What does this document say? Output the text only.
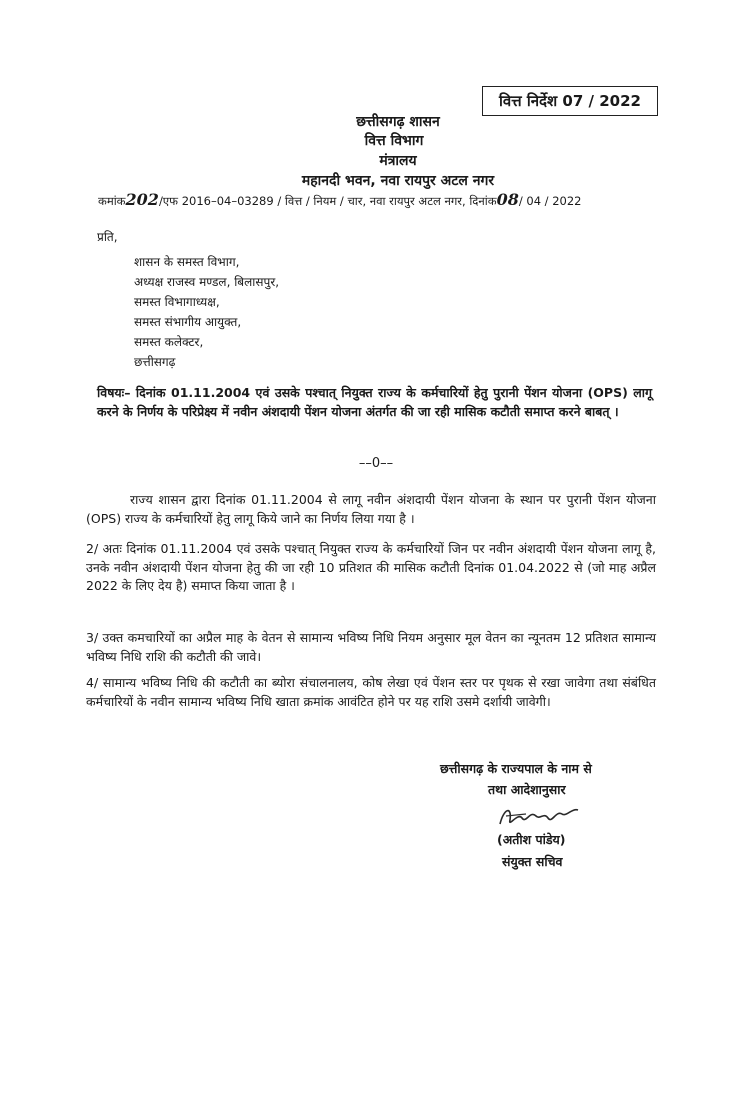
वित्त निर्देश 07 / 2022
छत्तीसगढ़ शासन
वित्त विभाग
मंत्रालय
महानदी भवन, नवा रायपुर अटल नगर
कमांक202/एफ 2016–04–03289 / वित्त / नियम / चार, नवा रायपुर अटल नगर, दिनांक08/ 04 / 2022
प्रति,
शासन के समस्त विभाग,
अध्यक्ष राजस्व मण्डल, बिलासपुर,
समस्त विभागाध्यक्ष,
समस्त संभागीय आयुक्त,
समस्त कलेक्टर,
छत्तीसगढ़
विषयः– दिनांक 01.11.2004 एवं उसके पश्चात् नियुक्त राज्य के कर्मचारियों हेतु पुरानी पेंशन योजना (OPS) लागू करने के निर्णय के परिप्रेक्ष्य में नवीन अंशदायी पेंशन योजना अंतर्गत की जा रही मासिक कटौती समाप्त करने बाबत् ।
––0––
राज्य शासन द्वारा दिनांक 01.11.2004 से लागू नवीन अंशदायी पेंशन योजना के स्थान पर पुरानी पेंशन योजना (OPS) राज्य के कर्मचारियों हेतु लागू किये जाने का निर्णय लिया गया है ।
2/ अतः दिनांक 01.11.2004 एवं उसके पश्चात् नियुक्त राज्य के कर्मचारियों जिन पर नवीन अंशदायी पेंशन योजना लागू है, उनके नवीन अंशदायी पेंशन योजना हेतु की जा रही 10 प्रतिशत की मासिक कटौती दिनांक 01.04.2022 से (जो माह अप्रैल 2022 के लिए देय है) समाप्त किया जाता है ।
3/ उक्त कमचारियों का अप्रैल माह के वेतन से सामान्य भविष्य निधि नियम अनुसार मूल वेतन का न्यूनतम 12 प्रतिशत सामान्य भविष्य निधि राशि की कटौती की जावे।
4/ सामान्य भविष्य निधि की कटौती का ब्योरा संचालनालय, कोष लेखा एवं पेंशन स्तर पर पृथक से रखा जावेगा तथा संबंधित कर्मचारियों के नवीन सामान्य भविष्य निधि खाता क्रमांक आवंटित होने पर यह राशि उसमे दर्शायी जावेगी।
छत्तीसगढ़ के राज्यपाल के नाम से
तथा आदेशानुसार
(अतीश पांडेय)
संयुक्त सचिव
